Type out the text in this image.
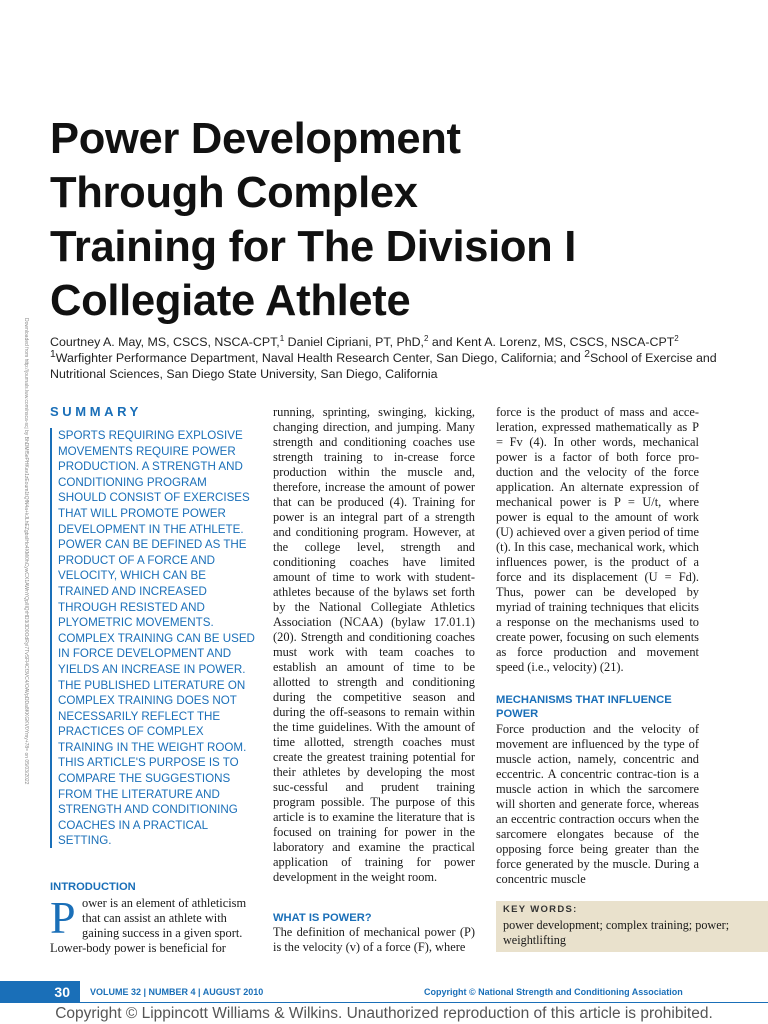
Power Development
Through Complex
Training for The Division I
Collegiate Athlete
Downloaded from http://journals.lww.com/nsca-scj by BhDMf5ePHKav1zEoum1tQfN4a+kJLhEZgbsIHo4XMi0hCywCX1AWnYQp/IlQrHD3i3D0OdRyi7TvSFl4Cf3VC4/OAVpDDa8KKGKV0Ymy+78= on 05/03/2022 Courtney A. May, MS, CSCS, NSCA-CPT,$^1$ Daniel Cipriani, PT, PhD,$^2$ and Kent A. Lorenz, MS, CSCS, NSCA-CPT$^2$
$^1$Warfighter Performance Department, Naval Health Research Center, San Diego, California; and $^2$School of Exercise and Nutritional Sciences, San Diego State University, San Diego, California
SUMMARY
SPORTS REQUIRING EXPLOSIVE
MOVEMENTS REQUIRE POWER
PRODUCTION. A STRENGTH AND
CONDITIONING PROGRAM
SHOULD CONSIST OF EXERCISES
THAT WILL PROMOTE POWER
DEVELOPMENT IN THE ATHLETE.
POWER CAN BE DEFINED AS THE
PRODUCT OF A FORCE AND
VELOCITY, WHICH CAN BE
TRAINED AND INCREASED
THROUGH RESISTED AND
PLYOMETRIC MOVEMENTS.
COMPLEX TRAINING CAN BE USED
IN FORCE DEVELOPMENT AND
YIELDS AN INCREASE IN POWER.
THE PUBLISHED LITERATURE ON
COMPLEX TRAINING DOES NOT
NECESSARILY REFLECT THE
PRACTICES OF COMPLEX
TRAINING IN THE WEIGHT ROOM.
THIS ARTICLE'S PURPOSE IS TO
COMPARE THE SUGGESTIONS
FROM THE LITERATURE AND
STRENGTH AND CONDITIONING
COACHES IN A PRACTICAL
SETTING.
INTRODUCTION
P ower is an element of athleticism
that can assist an athlete with
gaining success in a given sport.
Lower-body power is beneficial for
running, sprinting, swinging, kicking, changing direction, and jumping. Many strength and conditioning coaches use strength training to in-crease force production within the muscle and, therefore, increase the amount of power that can be produced (4). Training for power is an integral part of a strength and conditioning program. However, at the college level, strength and conditioning coaches have limited amount of time to work with student-athletes because of the bylaws set forth by the National Collegiate Athletics Association (NCAA) (bylaw 17.01.1) (20). Strength and conditioning coaches must work with team coaches to establish an amount of time to be allotted to strength and conditioning during the competitive season and during the off-seasons to remain within the time guidelines. With the amount of time allotted, strength coaches must create the greatest training potential for their athletes by developing the most suc-cessful and prudent training program possible. The purpose of this article is to examine the literature that is focused on training for power in the laboratory and examine the practical application of training for power development in the weight room.
WHAT IS POWER?
The definition of mechanical power (P) is the velocity (v) of a force (F), where
force is the product of mass and acce-leration, expressed mathematically as P = Fv (4). In other words, mechanical power is a factor of both force pro-duction and the velocity of the force application. An alternate expression of mechanical power is P = U/t, where power is equal to the amount of work (U) achieved over a given period of time (t). In this case, mechanical work, which influences power, is the product of a force and its displacement (U = Fd). Thus, power can be developed by myriad of training techniques that elicits a response on the mechanisms used to create power, focusing on such elements as force production and movement speed (i.e., velocity) (21).
MECHANISMS THAT INFLUENCE
POWER
Force production and the velocity of movement are influenced by the type of muscle action, namely, concentric and eccentric. A concentric contrac-tion is a muscle action in which the sarcomere will shorten and generate force, whereas an eccentric contraction occurs when the sarcomere elongates because of the opposing force being greater than the force generated by the muscle. During a concentric muscle
KEY WORDS:
power development; complex training; power; weightlifting
30	VOLUME 32 | NUMBER 4 | AUGUST 2010	Copyright © National Strength and Conditioning Association
Copyright © Lippincott Williams & Wilkins. Unauthorized reproduction of this article is prohibited.
